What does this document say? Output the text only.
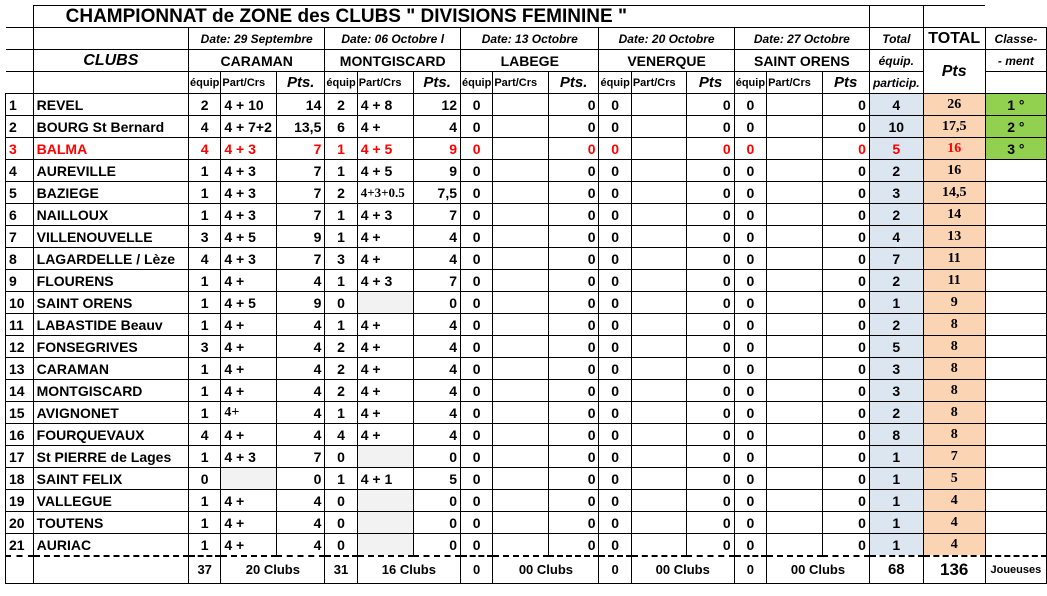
	CHAMPIONNAT de ZONE des CLUBS " DIVISIONS FEMININE "																		
		Date: 29 Septembre			Date: 06 Octobre l			Date: 13 Octobre			Date: 20 Octobre			Date: 27 Octobre			Total	TOTAL	Classe-
	CLUBS	CARAMAN			MONTGISCARD			LABEGE			VENERQUE			SAINT ORENS			équip.	Pts	- ment
		équip	Part/Crs	Pts.	équip	Part/Crs	Pts.	équip	Part/Crs	Pts.	équip	Part/Crs	Pts	équip	Part/Crs	Pts	particip.		
1	REVEL	2	4 + 10	14	2	4 + 8	12	0		0	0		0	0		0	4	26	1 °
2	BOURG St Bernard	4	4 + 7+2	13,5	6	4 +	4	0		0	0		0	0		0	10	17,5	2 °
3	BALMA	4	4 + 3	7	1	4 + 5	9	0		0	0		0	0		0	5	16	3 °
4	AUREVILLE	1	4 + 3	7	1	4 + 5	9	0		0	0		0	0		0	2	16	
5	BAZIEGE	1	4 + 3	7	2	4+3+0.5	7,5	0		0	0		0	0		0	3	14,5	
6	NAILLOUX	1	4 + 3	7	1	4 + 3	7	0		0	0		0	0		0	2	14	
7	VILLENOUVELLE	3	4 + 5	9	1	4 +	4	0		0	0		0	0		0	4	13	
8	LAGARDELLE / Lèze	4	4 + 3	7	3	4 +	4	0		0	0		0	0		0	7	11	
9	FLOURENS	1	4 +	4	1	4 + 3	7	0		0	0		0	0		0	2	11	
10	SAINT ORENS	1	4 + 5	9	0		0	0		0	0		0	0		0	1	9	
11	LABASTIDE Beauv	1	4 +	4	1	4 +	4	0		0	0		0	0		0	2	8	
12	FONSEGRIVES	3	4 +	4	2	4 +	4	0		0	0		0	0		0	5	8	
13	CARAMAN	1	4 +	4	2	4 +	4	0		0	0		0	0		0	3	8	
14	MONTGISCARD	1	4 +	4	2	4 +	4	0		0	0		0	0		0	3	8	
15	AVIGNONET	1	4+	4	1	4 +	4	0		0	0		0	0		0	2	8	
16	FOURQUEVAUX	4	4 +	4	4	4 +	4	0		0	0		0	0		0	8	8	
17	St PIERRE de Lages	1	4 + 3	7	0		0	0		0	0		0	0		0	1	7	
18	SAINT FELIX	0		0	1	4 + 1	5	0		0	0		0	0		0	1	5	
19	VALLEGUE	1	4 +	4	0		0	0		0	0		0	0		0	1	4	
20	TOUTENS	1	4 +	4	0		0	0		0	0		0	0		0	1	4	
21	AURIAC	1	4 +	4	0		0	0		0	0		0	0		0	1	4	
		37	20 Clubs		31	16 Clubs		0	00 Clubs		0	00 Clubs		0	00 Clubs		68	136	Joueuses
